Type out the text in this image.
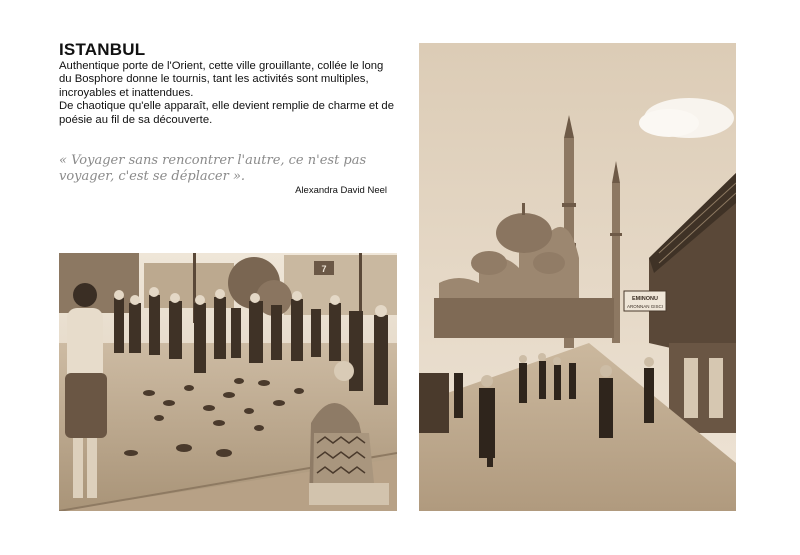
ISTANBUL

Authentique porte de l'Orient, cette ville grouillante, collée le long du Bosphore donne le tournis, tant les activités sont multiples, incroyables et inattendues.

De chaotique qu'elle apparaît, elle devient remplie de charme et de poésie au fil de sa découverte.

« Voyager sans rencontrer l'autre, ce n'est pas voyager, c'est se déplacer ».
Alexandra David Neel
7
EMINONU
ARONNAN GISCI
